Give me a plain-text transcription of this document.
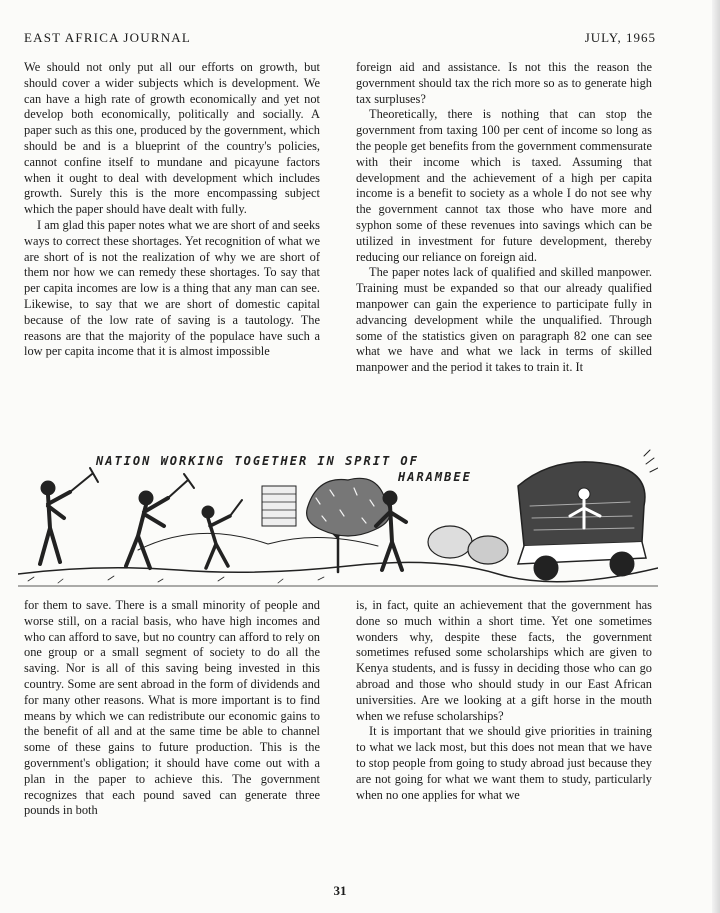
EAST AFRICA JOURNAL	JULY, 1965

We should not only put all our efforts on growth, but should cover a wider subjects which is development. We can have a high rate of growth economically and yet not develop both economically, politically and socially. A paper such as this one, produced by the government, which should be and is a blueprint of the country's policies, cannot confine itself to mundane and picayune factors when it ought to deal with development which includes growth. Surely this is the more encompassing subject which the paper should have dealt with fully.

I am glad this paper notes what we are short of and seeks ways to correct these shortages. Yet recognition of what we are short of is not the realization of why we are short of them nor how we can remedy these shortages. To say that per capita incomes are low is a thing that any man can see. Likewise, to say that we are short of domestic capital because of the low rate of saving is a tautology. The reasons are that the majority of the populace have such a low per capita income that it is almost impossible

foreign aid and assistance. Is not this the reason the government should tax the rich more so as to generate high tax surpluses?

Theoretically, there is nothing that can stop the government from taxing 100 per cent of income so long as the people get benefits from the government commensurate with their income which is taxed. Assuming that development and the achievement of a high per capita income is a benefit to society as a whole I do not see why the government cannot tax those who have more and syphon some of these revenues into savings which can be utilized in investment for future development, thereby reducing our reliance on foreign aid.

The paper notes lack of qualified and skilled manpower. Training must be expanded so that our already qualified manpower can gain the experience to participate fully in advancing development while the unqualified. Through some of the statistics given on paragraph 82 one can see what we have and what we lack in terms of skilled manpower and the period it takes to train it. It

NATION WORKING TOGETHER IN SPRIT OF
HARAMBEE

for them to save. There is a small minority of people and worse still, on a racial basis, who have high incomes and who can afford to save, but no country can afford to rely on one group or a small segment of society to do all the saving. Nor is all of this saving being invested in this country. Some are sent abroad in the form of dividends and for many other reasons. What is more important is to find means by which we can redistribute our economic gains to the benefit of all and at the same time be able to channel some of these gains to future production. This is the government's obligation; it should have come out with a plan in the paper to achieve this. The government recognizes that each pound saved can generate three pounds in both

is, in fact, quite an achievement that the government has done so much within a short time. Yet one sometimes wonders why, despite these facts, the government sometimes refused some scholarships which are given to Kenya students, and is fussy in deciding those who can go abroad and those who should study in our East African universities. Are we looking at a gift horse in the mouth when we refuse scholarships?

It is important that we should give priorities in training to what we lack most, but this does not mean that we have to stop people from going to study abroad just because they are not going for what we want them to study, particularly when no one applies for what we

31
